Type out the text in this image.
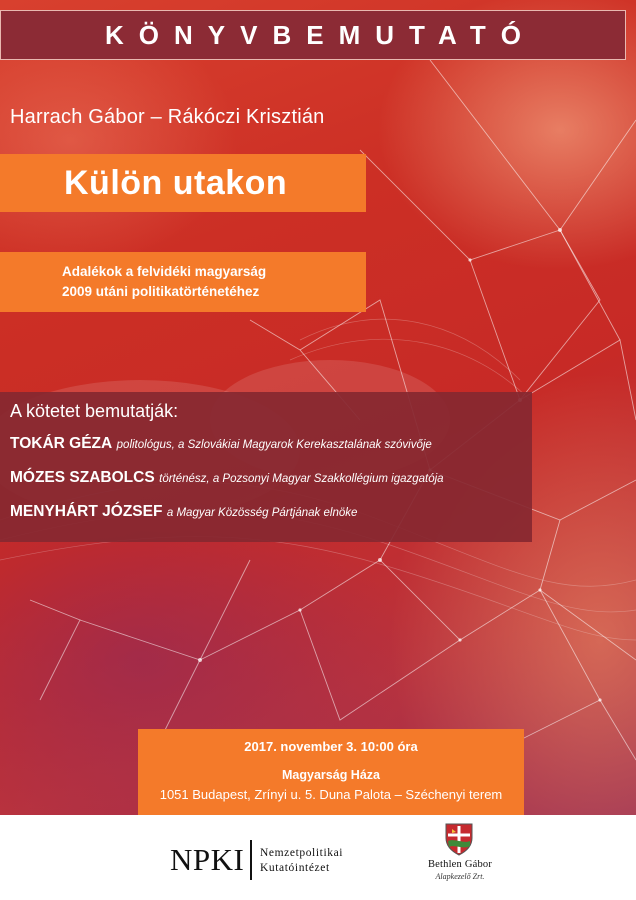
KÖNYVBEMUTATÓ
Harrach Gábor – Rákóczi Krisztián
Külön utakon
Adalékok a felvidéki magyarság
2009 utáni politikatörténetéhez
A kötetet bemutatják:
TOKÁR GÉZA politológus, a Szlovákiai Magyarok Kerekasztalának szóvivője
MÓZES SZABOLCS történész, a Pozsonyi Magyar Szakkollégium igazgatója
MENYHÁRT JÓZSEF a Magyar Közösség Pártjának elnöke
2017. november 3. 10:00 óra
Magyarság Háza
1051 Budapest, Zrínyi u. 5. Duna Palota – Széchenyi terem
NPKI Nemzetpolitikai
Kutatóintézet	Bethlen Gábor
Alapkezelő Zrt.
